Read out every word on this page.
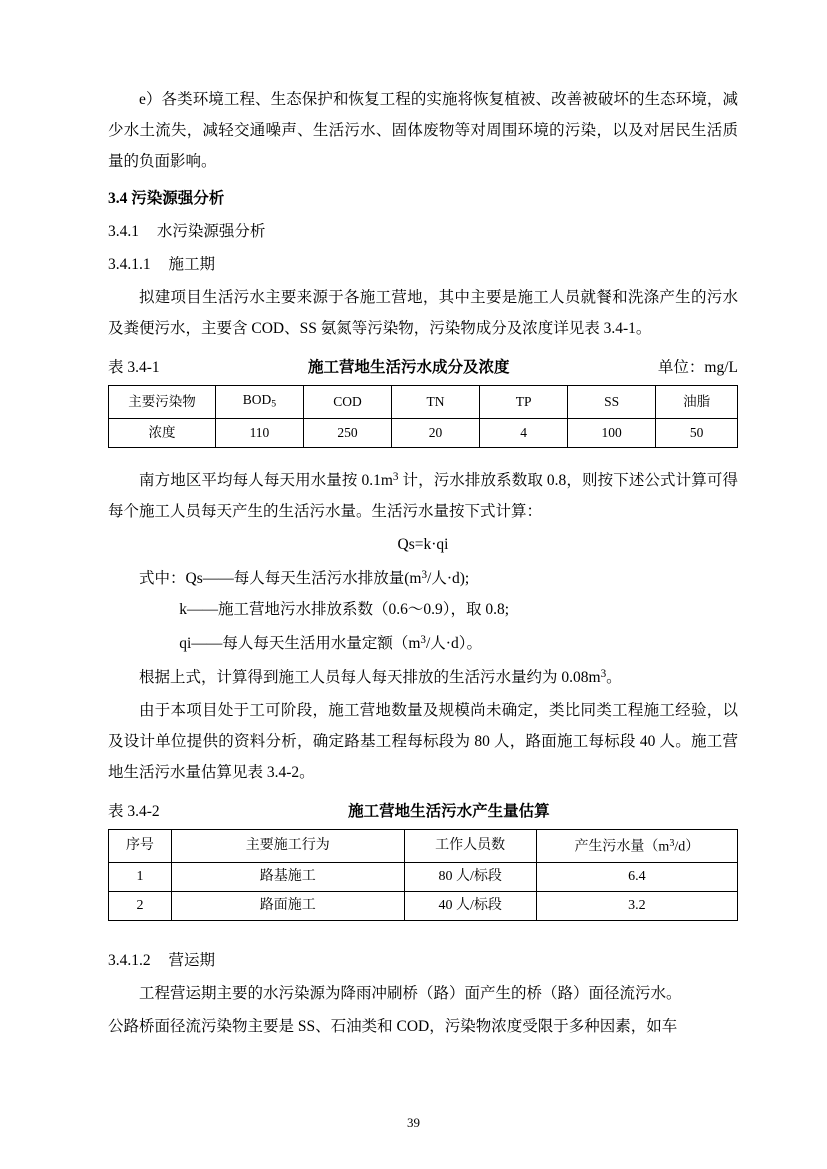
e）各类环境工程、生态保护和恢复工程的实施将恢复植被、改善被破坏的生态环境，减少水土流失，减轻交通噪声、生活污水、固体废物等对周围环境的污染，以及对居民生活质量的负面影响。

3.4 污染源强分析
3.4.1 水污染源强分析
3.4.1.1 施工期

拟建项目生活污水主要来源于各施工营地，其中主要是施工人员就餐和洗涤产生的污水及粪便污水，主要含 COD、SS 氨氮等污染物，污染物成分及浓度详见表 3.4-1。

表 3.4-1	施工营地生活污水成分及浓度	单位：mg/L
主要污染物	$BOD_5$	COD	TN	TP	SS	油脂
浓度	110	250	20	4	100	50

南方地区平均每人每天用水量按 $0.1m^3$ 计，污水排放系数取 0.8，则按下述公式计算可得每个施工人员每天产生的生活污水量。生活污水量按下式计算：

Qs=k·qi

式中：Qs——每人每天生活污水排放量($m^3/$人·d);

k——施工营地污水排放系数（0.6～0.9），取 0.8;

qi——每人每天生活用水量定额（$m^3/$人·d）。

根据上式，计算得到施工人员每人每天排放的生活污水量约为 $0.08m^3$。

由于本项目处于工可阶段，施工营地数量及规模尚未确定，类比同类工程施工经验，以及设计单位提供的资料分析，确定路基工程每标段为 80 人，路面施工每标段 40 人。施工营地生活污水量估算见表 3.4-2。

表 3.4-2	施工营地生活污水产生量估算
序号	主要施工行为	工作人员数	产生污水量$(m^3/d)$
1	路基施工	80 人/标段	6.4
2	路面施工	40 人/标段	3.2
3.4.1.2 营运期

工程营运期主要的水污染源为降雨冲刷桥（路）面产生的桥（路）面径流污水。

公路桥面径流污染物主要是 SS、石油类和 COD，污染物浓度受限于多种因素，如车

39
